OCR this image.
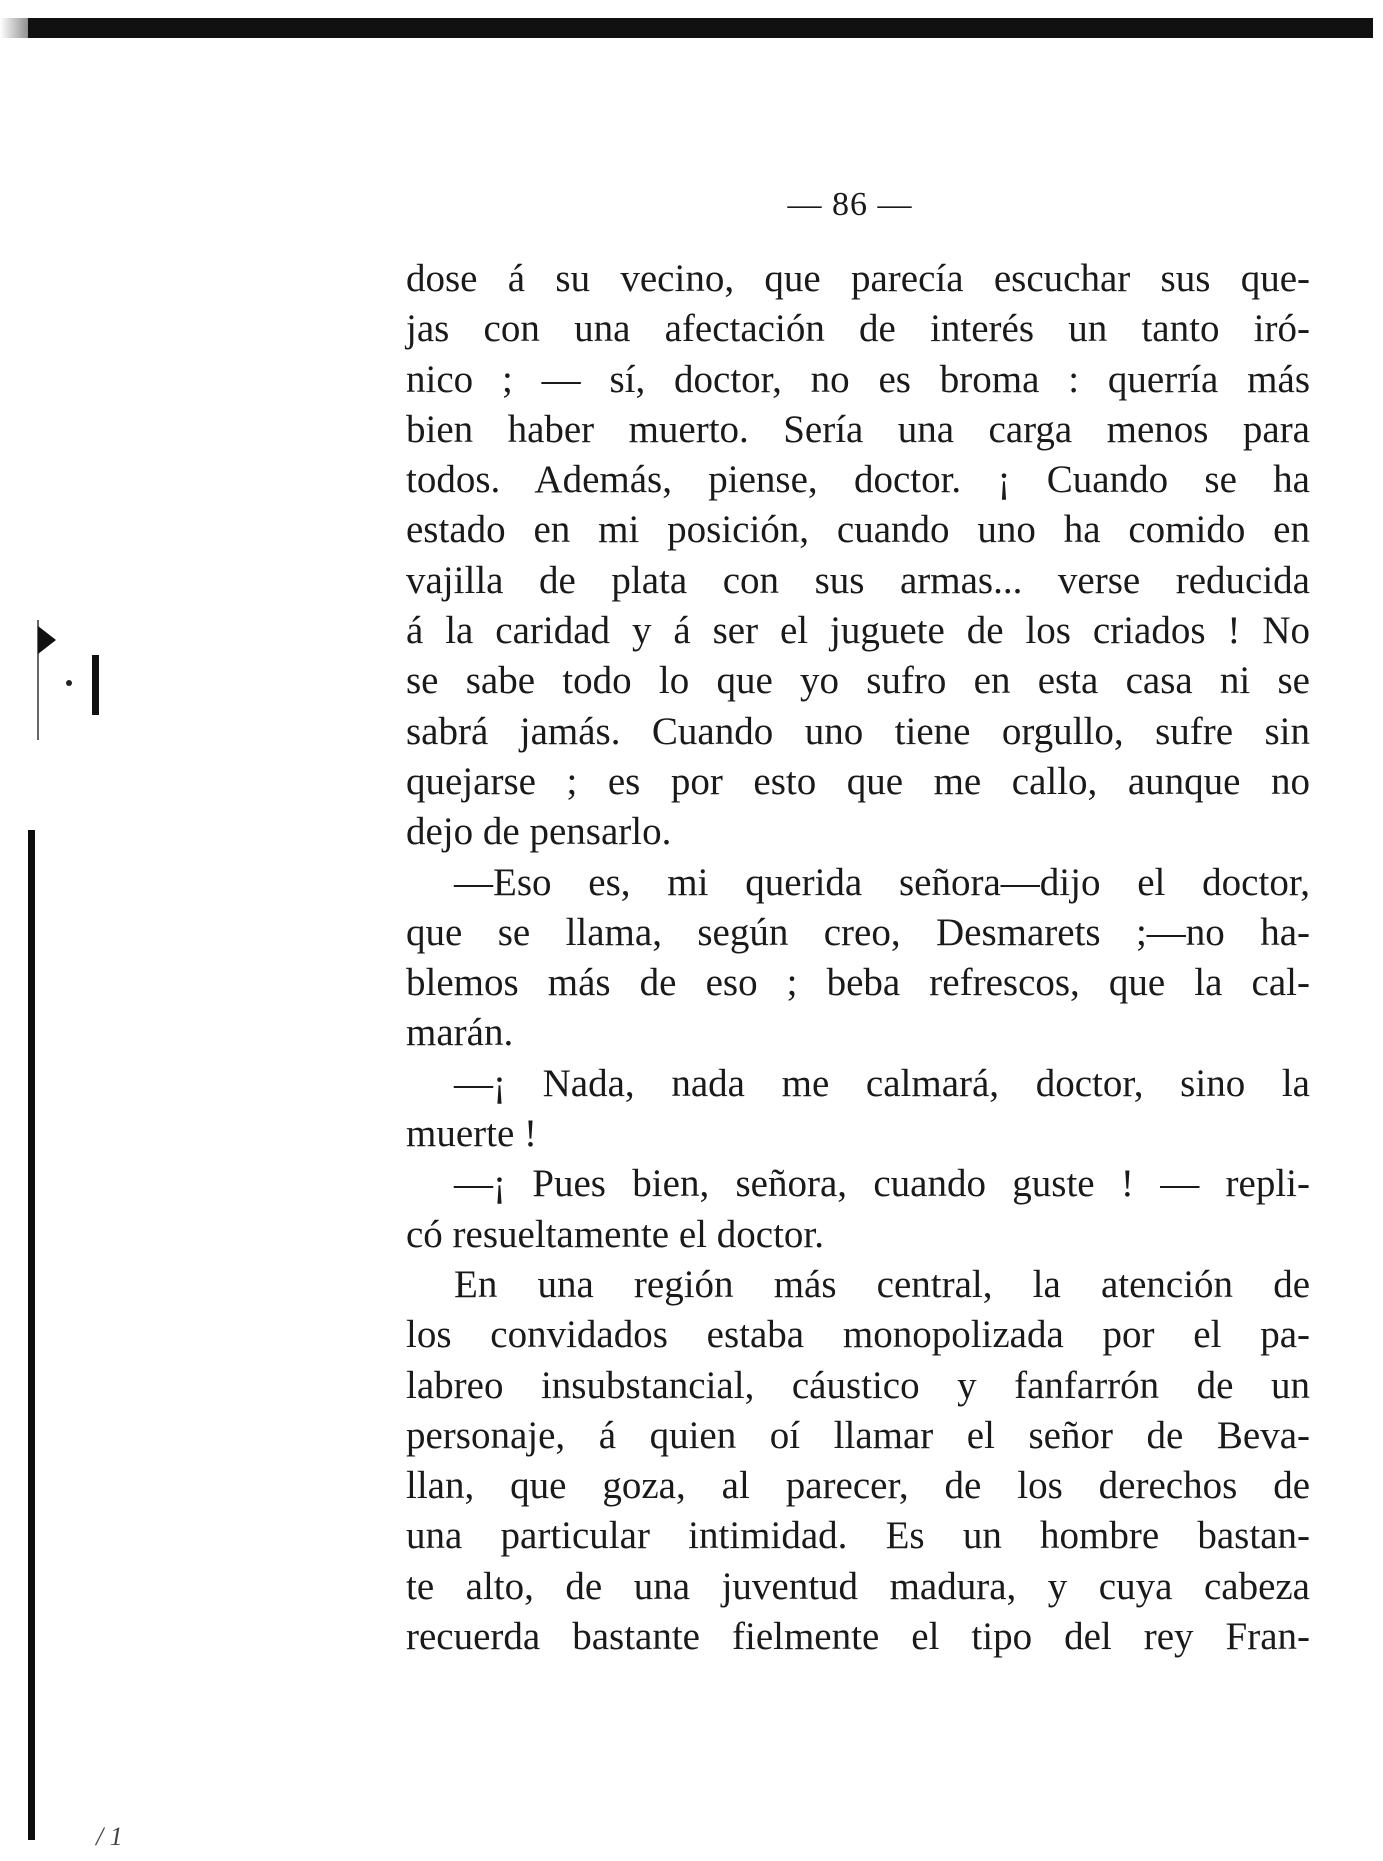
— 86 —
dose á su vecino, que parecía escuchar sus que-
jas con una afectación de interés un tanto iró-
nico ; — sí, doctor, no es broma : querría más
bien haber muerto. Sería una carga menos para
todos. Además, piense, doctor. ¡ Cuando se ha
estado en mi posición, cuando uno ha comido en
vajilla de plata con sus armas... verse reducida
á la caridad y á ser el juguete de los criados ! No
se sabe todo lo que yo sufro en esta casa ni se
sabrá jamás. Cuando uno tiene orgullo, sufre sin
quejarse ; es por esto que me callo, aunque no
dejo de pensarlo.
—Eso es, mi querida señora—dijo el doctor,
que se llama, según creo, Desmarets ;—no ha-
blemos más de eso ; beba refrescos, que la cal-
marán.
—¡ Nada, nada me calmará, doctor, sino la
muerte !
—¡ Pues bien, señora, cuando guste ! — repli-
có resueltamente el doctor.
En una región más central, la atención de
los convidados estaba monopolizada por el pa-
labreo insubstancial, cáustico y fanfarrón de un
personaje, á quien oí llamar el señor de Beva-
llan, que goza, al parecer, de los derechos de
una particular intimidad. Es un hombre bastan-
te alto, de una juventud madura, y cuya cabeza
recuerda bastante fielmente el tipo del rey Fran-
/ 1
